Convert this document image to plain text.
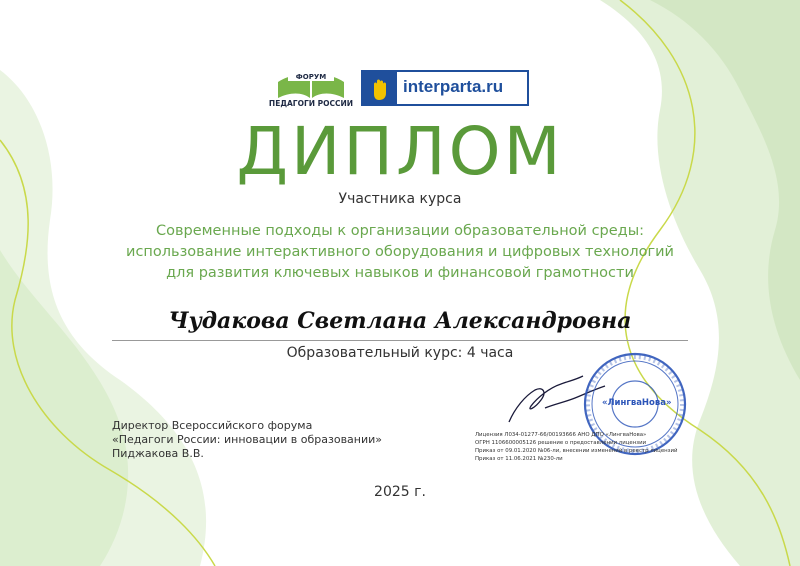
ФОРУМ
ПЕДАГОГИ РОССИИ
interparta.ru
ДИПЛОМ
Участника курса
Современные подходы к организации образовательной среды:
использование интерактивного оборудования и цифровых технологий
для развития ключевых навыков и финансовой грамотности
Чудакова Светлана Александровна
Образовательный курс: 4 часа
Директор Всероссийского форума
«Педагоги России: инновации в образовании»
Пиджакова В.В.
«ЛингваНова»
Лицензия Л034-01277-66/00193666 АНО ДПО «ЛингваНова»
ОГРН 1106600005126 решение о предоставлении лицензии
Приказ от 09.01.2020 №06-ли, внесении изменений в реестр лицензий
Приказ от 11.06.2021 №230-ли
2025 г.
